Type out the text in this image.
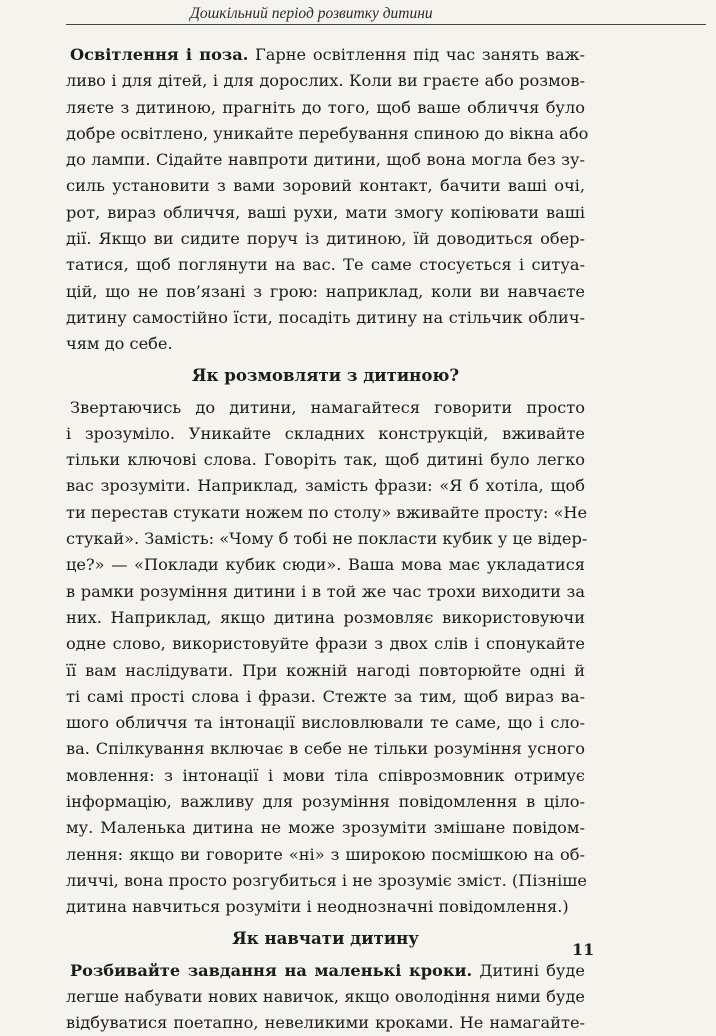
Дошкільний період розвитку дитини
Освітлення і поза. Гарне освітлення під час занять важ-
ливо і для дітей, і для дорослих. Коли ви граєте або розмов-
ляєте з дитиною, прагніть до того, щоб ваше обличчя було
добре освітлено, уникайте перебування спиною до вікна або
до лампи. Сідайте навпроти дитини, щоб вона могла без зу-
силь установити з вами зоровий контакт, бачити ваші очі,
рот, вираз обличчя, ваші рухи, мати змогу копіювати ваші
дії. Якщо ви сидите поруч із дитиною, їй доводиться обер-
татися, щоб поглянути на вас. Те саме стосується і ситуа-
цій, що не пов’язані з грою: наприклад, коли ви навчаєте
дитину самостійно їсти, посадіть дитину на стільчик облич-
чям до себе.
Як розмовляти з дитиною?
Звертаючись до дитини, намагайтеся говорити просто
і зрозуміло. Уникайте складних конструкцій, вживайте
тільки ключові слова. Говоріть так, щоб дитині було легко
вас зрозуміти. Наприклад, замість фрази: «Я б хотіла, щоб
ти перестав стукати ножем по столу» вживайте просту: «Не
стукай». Замість: «Чому б тобі не покласти кубик у це відер-
це?» — «Поклади кубик сюди». Ваша мова має укладатися
в рамки розуміння дитини і в той же час трохи виходити за
них. Наприклад, якщо дитина розмовляє використовуючи
одне слово, використовуйте фрази з двох слів і спонукайте
її вам наслідувати. При кожній нагоді повторюйте одні й
ті самі прості слова і фрази. Стежте за тим, щоб вираз ва-
шого обличчя та інтонації висловлювали те саме, що і сло-
ва. Спілкування включає в себе не тільки розуміння усного
мовлення: з інтонації і мови тіла співрозмовник отримує
інформацію, важливу для розуміння повідомлення в ціло-
му. Маленька дитина не може зрозуміти змішане повідом-
лення: якщо ви говорите «ні» з широкою посмішкою на об-
личчі, вона просто розгубиться і не зрозуміє зміст. (Пізніше
дитина навчиться розуміти і неоднозначні повідомлення.)
Як навчати дитину
Розбивайте завдання на маленькі кроки. Дитині буде
легше набувати нових навичок, якщо оволодіння ними буде
відбуватися поетапно, невеликими кроками. Не намагайте-
11
